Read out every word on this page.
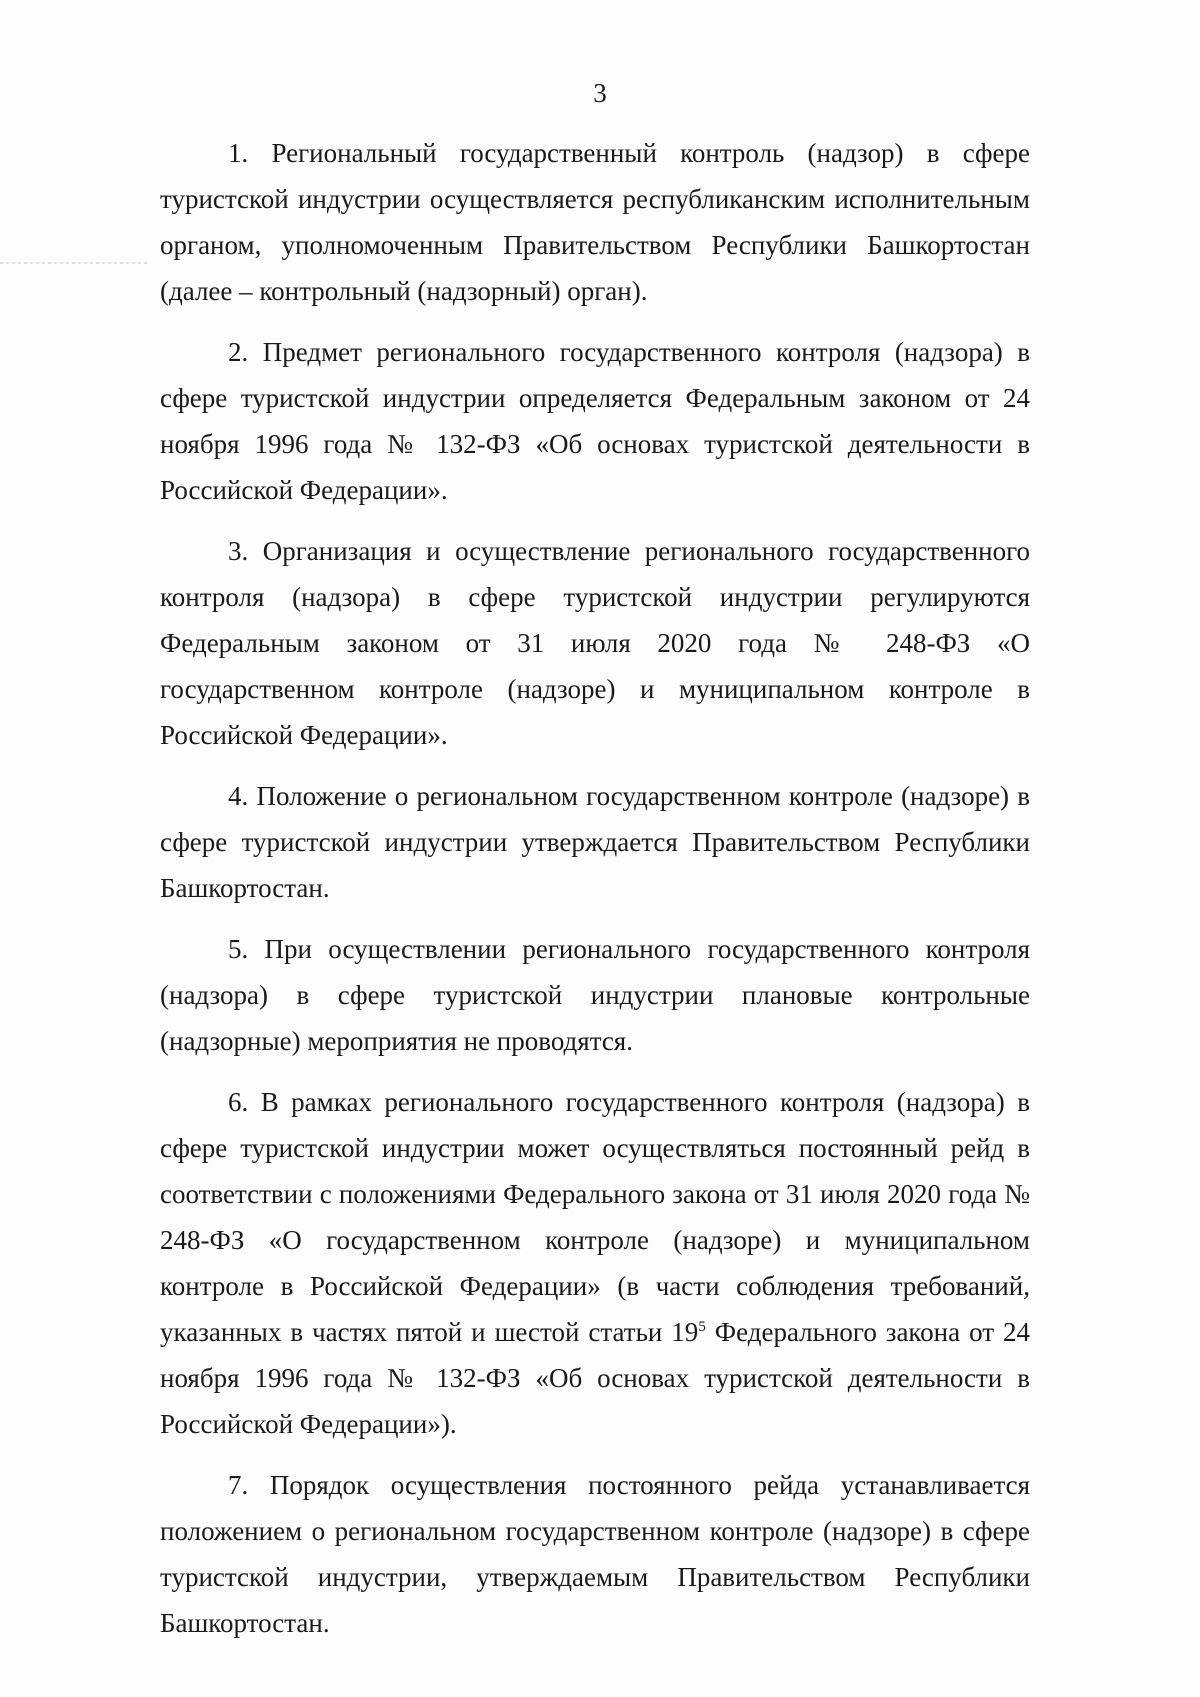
3

1. Региональный государственный контроль (надзор) в сфере туристской индустрии осуществляется республиканским исполнительным органом, уполномоченным Правительством Республики Башкортостан (далее – контрольный (надзорный) орган).

2. Предмет регионального государственного контроля (надзора) в сфере туристской индустрии определяется Федеральным законом от 24 ноября 1996 года № 132-ФЗ «Об основах туристской деятельности в Российской Федерации».

3. Организация и осуществление регионального государственного контроля (надзора) в сфере туристской индустрии регулируются Федеральным законом от 31 июля 2020 года № 248-ФЗ «О государственном контроле (надзоре) и муниципальном контроле в Российской Федерации».

4. Положение о региональном государственном контроле (надзоре) в сфере туристской индустрии утверждается Правительством Республики Башкортостан.

5. При осуществлении регионального государственного контроля (надзора) в сфере туристской индустрии плановые контрольные (надзорные) мероприятия не проводятся.

6. В рамках регионального государственного контроля (надзора) в сфере туристской индустрии может осуществляться постоянный рейд в соответствии с положениями Федерального закона от 31 июля 2020 года № 248-ФЗ «О государственном контроле (надзоре) и муниципальном контроле в Российской Федерации» (в части соблюдения требований, указанных в частях пятой и шестой статьи $19^5$ Федерального закона от 24 ноября 1996 года № 132-ФЗ «Об основах туристской деятельности в Российской Федерации»).

7. Порядок осуществления постоянного рейда устанавливается положением о региональном государственном контроле (надзоре) в сфере туристской индустрии, утверждаемым Правительством Республики Башкортостан.
